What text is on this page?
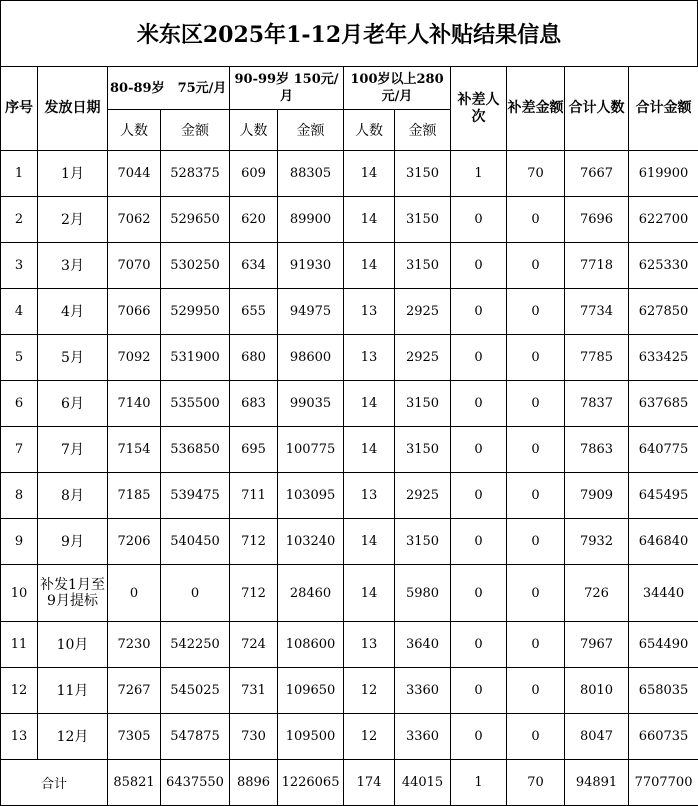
米东区2025年1-12月老年人补贴结果信息
序号	发放日期	80-89岁　75元/月		90-99岁 150元/月		100岁以上280元/月		补差人次	补差金额	合计人数	合计金额
		人数	金额	人数	金额	人数	金额				
1	1月	7044	528375	609	88305	14	3150	1	70	7667	619900
2	2月	7062	529650	620	89900	14	3150	0	0	7696	622700
3	3月	7070	530250	634	91930	14	3150	0	0	7718	625330
4	4月	7066	529950	655	94975	13	2925	0	0	7734	627850
5	5月	7092	531900	680	98600	13	2925	0	0	7785	633425
6	6月	7140	535500	683	99035	14	3150	0	0	7837	637685
7	7月	7154	536850	695	100775	14	3150	0	0	7863	640775
8	8月	7185	539475	711	103095	13	2925	0	0	7909	645495
9	9月	7206	540450	712	103240	14	3150	0	0	7932	646840
10	补发1月至9月提标	0	0	712	28460	14	5980	0	0	726	34440
11	10月	7230	542250	724	108600	13	3640	0	0	7967	654490
12	11月	7267	545025	731	109650	12	3360	0	0	8010	658035
13	12月	7305	547875	730	109500	12	3360	0	0	8047	660735
合计		85821	6437550	8896	1226065	174	44015	1	70	94891	7707700
